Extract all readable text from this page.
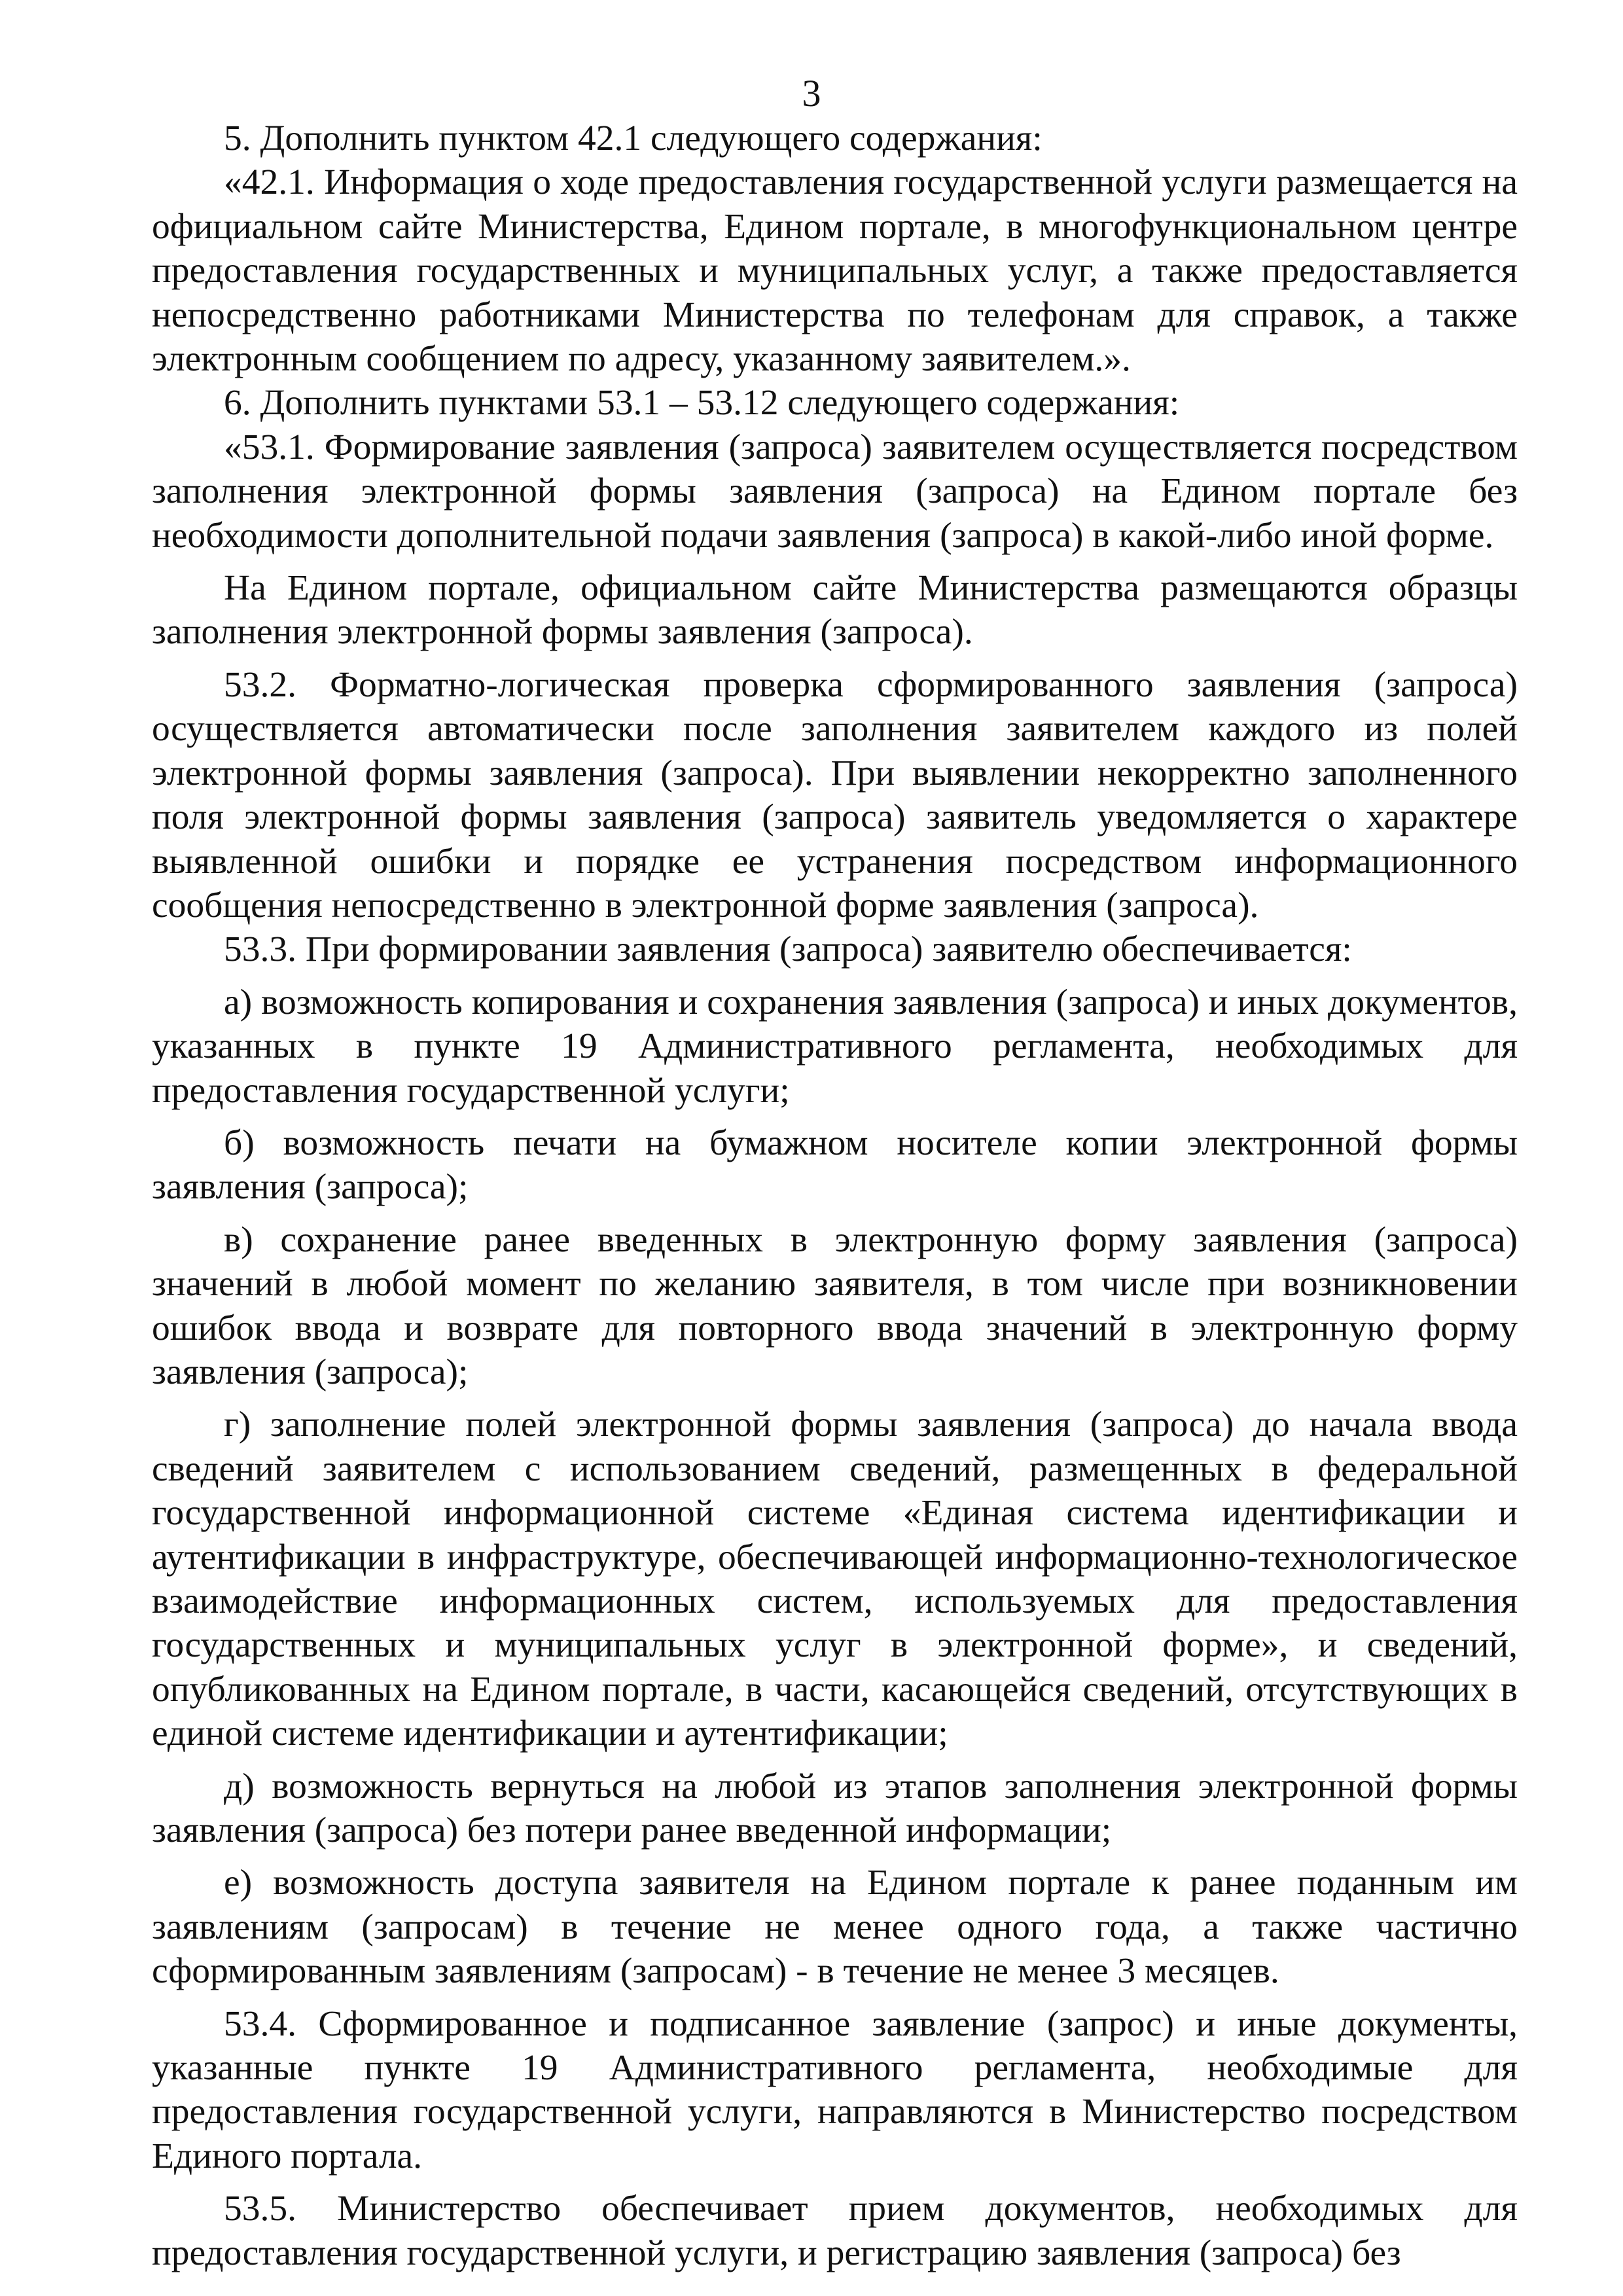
3

5. Дополнить пунктом 42.1 следующего содержания:

«42.1. Информация о ходе предоставления государственной услуги размещается на официальном сайте Министерства, Едином портале, в многофункциональном центре предоставления государственных и муниципальных услуг, а также предоставляется непосредственно работниками Министерства по телефонам для справок, а также электронным сообщением по адресу, указанному заявителем.».

6. Дополнить пунктами 53.1 – 53.12 следующего содержания:

«53.1. Формирование заявления (запроса) заявителем осуществляется посредством заполнения электронной формы заявления (запроса) на Едином портале без необходимости дополнительной подачи заявления (запроса) в какой-либо иной форме.

На Едином портале, официальном сайте Министерства размещаются образцы заполнения электронной формы заявления (запроса).

53.2. Форматно-логическая проверка сформированного заявления (запроса) осуществляется автоматически после заполнения заявителем каждого из полей электронной формы заявления (запроса). При выявлении некорректно заполненного поля электронной формы заявления (запроса) заявитель уведомляется о характере выявленной ошибки и порядке ее устранения посредством информационного сообщения непосредственно в электронной форме заявления (запроса).

53.3. При формировании заявления (запроса) заявителю обеспечивается:

а) возможность копирования и сохранения заявления (запроса) и иных документов, указанных в пункте 19 Административного регламента, необходимых для предоставления государственной услуги;

б) возможность печати на бумажном носителе копии электронной формы заявления (запроса);

в) сохранение ранее введенных в электронную форму заявления (запроса) значений в любой момент по желанию заявителя, в том числе при возникновении ошибок ввода и возврате для повторного ввода значений в электронную форму заявления (запроса);

г) заполнение полей электронной формы заявления (запроса) до начала ввода сведений заявителем с использованием сведений, размещенных в федеральной государственной информационной системе «Единая система идентификации и аутентификации в инфраструктуре, обеспечивающей информационно-технологическое взаимодействие информационных систем, используемых для предоставления государственных и муниципальных услуг в электронной форме», и сведений, опубликованных на Едином портале, в части, касающейся сведений, отсутствующих в единой системе идентификации и аутентификации;

д) возможность вернуться на любой из этапов заполнения электронной формы заявления (запроса) без потери ранее введенной информации;

е) возможность доступа заявителя на Едином портале к ранее поданным им заявлениям (запросам) в течение не менее одного года, а также частично сформированным заявлениям (запросам) - в течение не менее 3 месяцев.

53.4. Сформированное и подписанное заявление (запрос) и иные документы, указанные пункте 19 Административного регламента, необходимые для предоставления государственной услуги, направляются в Министерство посредством Единого портала.

53.5. Министерство обеспечивает прием документов, необходимых для предоставления государственной услуги, и регистрацию заявления (запроса) без
